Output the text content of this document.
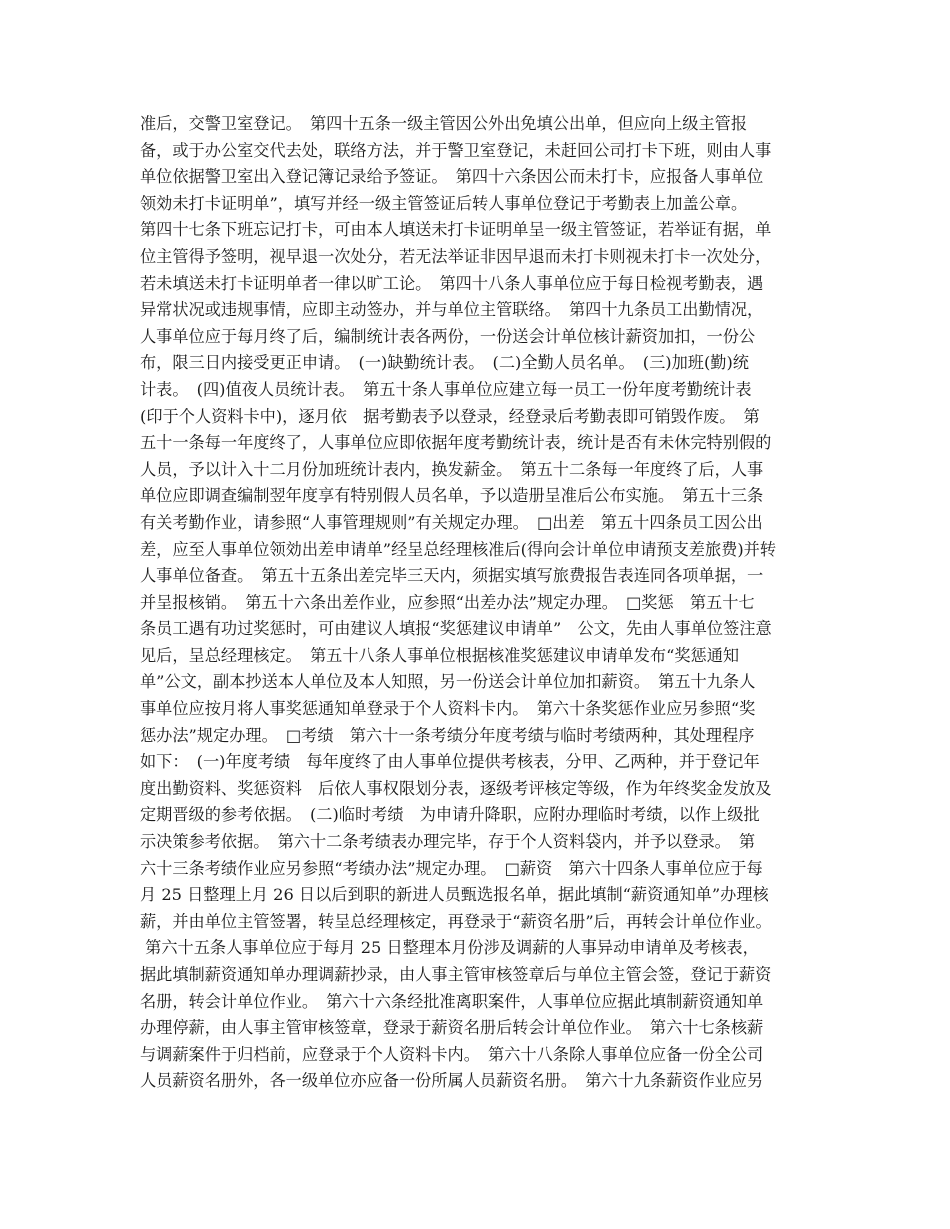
准后，交警卫室登记。　第四十五条一级主管因公外出免填公出单，但应向上级主管报
备，或于办公室交代去处，联络方法，并于警卫室登记，未赶回公司打卡下班，则由人事
单位依据警卫室出入登记簿记录给予签证。　第四十六条因公而未打卡，应报备人事单位
领効未打卡证明单”，填写并经一级主管签证后转人事单位登记于考勤表上加盖公章。
第四十七条下班忘记打卡，可由本人填送未打卡证明单呈一级主管签证，若举证有据，单
位主管得予签明，视早退一次处分，若无法举证非因早退而未打卡则视未打卡一次处分，
若未填送未打卡证明单者一律以旷工论。　第四十八条人事单位应于每日检视考勤表，遇
异常状况或违规事情，应即主动签办，并与单位主管联络。　第四十九条员工出勤情况，
人事单位应于每月终了后，编制统计表各两份，一份送会计单位核计薪资加扣，一份公
布，限三日内接受更正申请。　(一)缺勤统计表。　(二)全勤人员名单。　(三)加班(勤)统
计表。　(四)值夜人员统计表。　第五十条人事单位应建立每一员工一份年度考勤统计表
(印于个人资料卡中)，逐月依　据考勤表予以登录，经登录后考勤表即可销毁作废。　第
五十一条每一年度终了，人事单位应即依据年度考勤统计表，统计是否有未休完特别假的
人员，予以计入十二月份加班统计表内，换发薪金。　第五十二条每一年度终了后，人事
单位应即调查编制翌年度享有特别假人员名单，予以造册呈准后公布实施。　第五十三条
有关考勤作业，请参照“人事管理规则”有关规定办理。　□出差　第五十四条员工因公出
差，应至人事单位领効出差申请单”经呈总经理核准后(得向会计单位申请预支差旅费)并转
人事单位备查。　第五十五条出差完毕三天内，须据实填写旅费报告表连同各项单据，一
并呈报核销。　第五十六条出差作业，应参照“出差办法”规定办理。　□奖惩　第五十七
条员工遇有功过奖惩时，可由建议人填报“奖惩建议申请单”　公文，先由人事单位签注意
见后，呈总经理核定。　第五十八条人事单位根据核准奖惩建议申请单发布“奖惩通知
单”公文，副本抄送本人单位及本人知照，另一份送会计单位加扣薪资。　第五十九条人
事单位应按月将人事奖惩通知单登录于个人资料卡内。　第六十条奖惩作业应另参照“奖
惩办法”规定办理。　□考绩　第六十一条考绩分年度考绩与临时考绩两种，其处理程序
如下：　(一)年度考绩　每年度终了由人事单位提供考核表，分甲、乙两种，并于登记年
度出勤资料、奖惩资料　后依人事权限划分表，逐级考评核定等级，作为年终奖金发放及
定期晋级的参考依据。　(二)临时考绩　为申请升降职，应附办理临时考绩，以作上级批
示决策参考依据。　第六十二条考绩表办理完毕，存于个人资料袋内，并予以登录。　第
六十三条考绩作业应另参照“考绩办法”规定办理。　□薪资　第六十四条人事单位应于每
月 25 日整理上月 26 日以后到职的新进人员甄选报名单，据此填制“薪资通知单”办理核
薪，并由单位主管签署，转呈总经理核定，再登录于“薪资名册”后，再转会计单位作业。
第六十五条人事单位应于每月 25 日整理本月份涉及调薪的人事异动申请单及考核表，
据此填制薪资通知单办理调薪抄录，由人事主管审核签章后与单位主管会签，登记于薪资
名册，转会计单位作业。　第六十六条经批准离职案件，人事单位应据此填制薪资通知单
办理停薪，由人事主管审核签章，登录于薪资名册后转会计单位作业。　第六十七条核薪
与调薪案件于归档前，应登录于个人资料卡内。　第六十八条除人事单位应备一份全公司
人员薪资名册外，各一级单位亦应备一份所属人员薪资名册。　第六十九条薪资作业应另
